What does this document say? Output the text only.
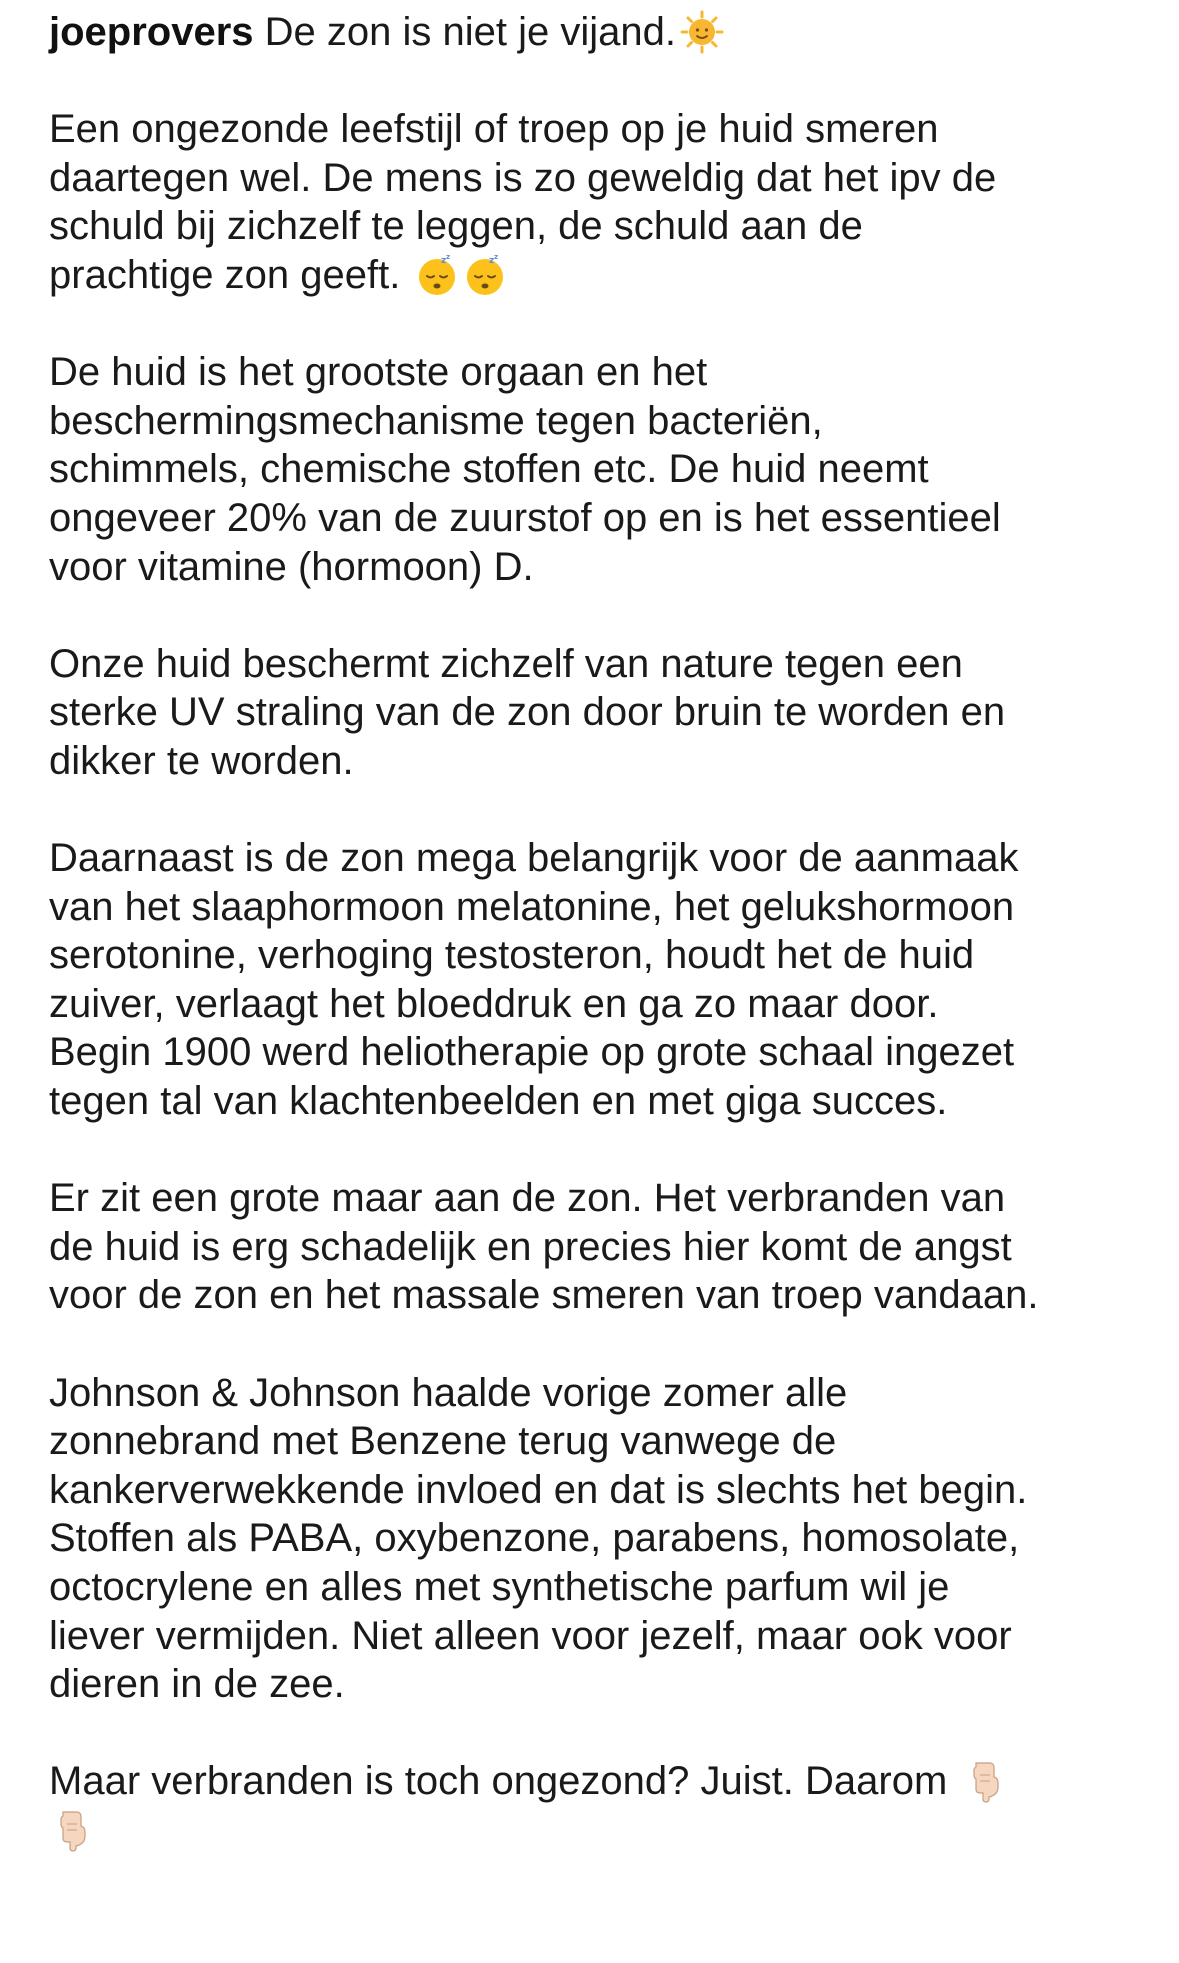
joeprovers De zon is niet je vijand.

Een ongezonde leefstijl of troep op je huid smeren
daartegen wel. De mens is zo geweldig dat het ipv de
schuld bij zichzelf te leggen, de schuld aan de
prachtige zon geeft.	z z	z z

De huid is het grootste orgaan en het
beschermingsmechanisme tegen bacteriën,
schimmels, chemische stoffen etc. De huid neemt
ongeveer 20% van de zuurstof op en is het essentieel
voor vitamine (hormoon) D.

Onze huid beschermt zichzelf van nature tegen een
sterke UV straling van de zon door bruin te worden en
dikker te worden.

Daarnaast is de zon mega belangrijk voor de aanmaak
van het slaaphormoon melatonine, het gelukshormoon
serotonine, verhoging testosteron, houdt het de huid
zuiver, verlaagt het bloeddruk en ga zo maar door.
Begin 1900 werd heliotherapie op grote schaal ingezet
tegen tal van klachtenbeelden en met giga succes.

Er zit een grote maar aan de zon. Het verbranden van
de huid is erg schadelijk en precies hier komt de angst
voor de zon en het massale smeren van troep vandaan.

Johnson & Johnson haalde vorige zomer alle
zonnebrand met Benzene terug vanwege de
kankerverwekkende invloed en dat is slechts het begin.
Stoffen als PABA, oxybenzone, parabens, homosolate,
octocrylene en alles met synthetische parfum wil je
liever vermijden. Niet alleen voor jezelf, maar ook voor
dieren in de zee.

Maar verbranden is toch ongezond? Juist. Daarom
